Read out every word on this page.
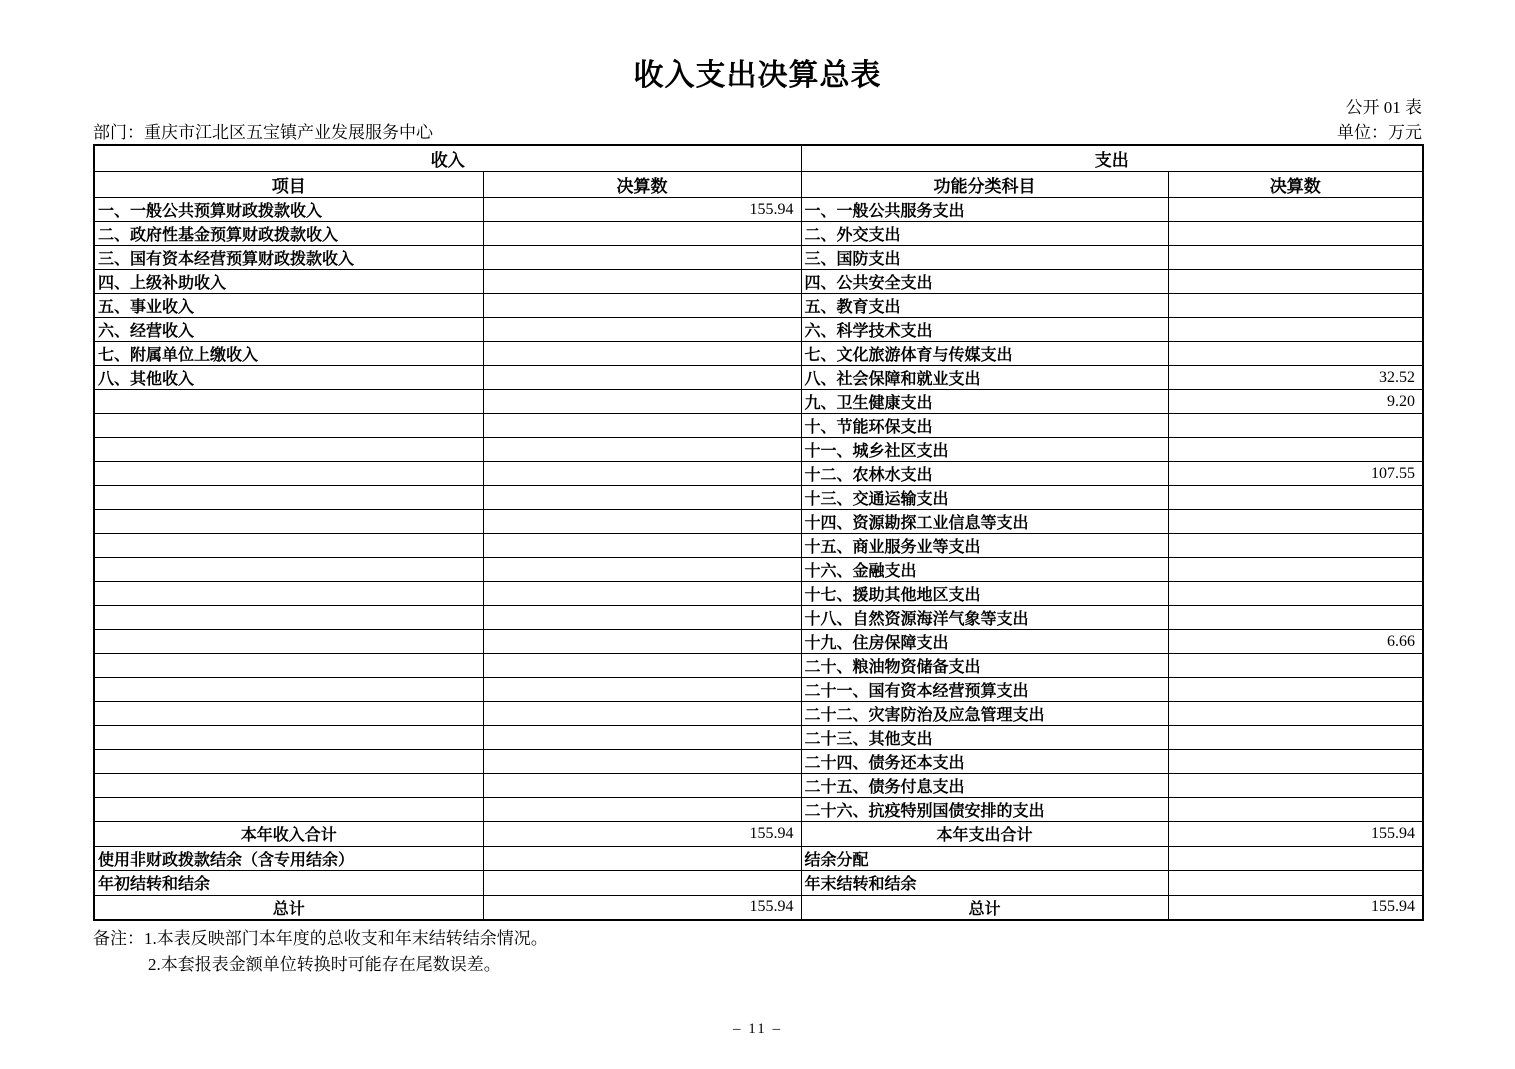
收入支出决算总表
公开 01 表
部门：重庆市江北区五宝镇产业发展服务中心	单位：万元
收入		支出	
项目	决算数	功能分类科目	决算数
一、一般公共预算财政拨款收入	155.94	一、一般公共服务支出	
二、政府性基金预算财政拨款收入		二、外交支出	
三、国有资本经营预算财政拨款收入		三、国防支出	
四、上级补助收入		四、公共安全支出	
五、事业收入		五、教育支出	
六、经营收入		六、科学技术支出	
七、附属单位上缴收入		七、文化旅游体育与传媒支出	
八、其他收入		八、社会保障和就业支出	32.52
		九、卫生健康支出	9.20
		十、节能环保支出	
		十一、城乡社区支出	
		十二、农林水支出	107.55
		十三、交通运输支出	
		十四、资源勘探工业信息等支出	
		十五、商业服务业等支出	
		十六、金融支出	
		十七、援助其他地区支出	
		十八、自然资源海洋气象等支出	
		十九、住房保障支出	6.66
		二十、粮油物资储备支出	
		二十一、国有资本经营预算支出	
		二十二、灾害防治及应急管理支出	
		二十三、其他支出	
		二十四、债务还本支出	
		二十五、债务付息支出	
		二十六、抗疫特别国债安排的支出	
本年收入合计	155.94	本年支出合计	155.94
使用非财政拨款结余（含专用结余）		结余分配	
年初结转和结余		年末结转和结余	
总计	155.94	总计	155.94
备注：1.本表反映部门本年度的总收支和年末结转结余情况。
2.本套报表金额单位转换时可能存在尾数误差。
– 11 –
